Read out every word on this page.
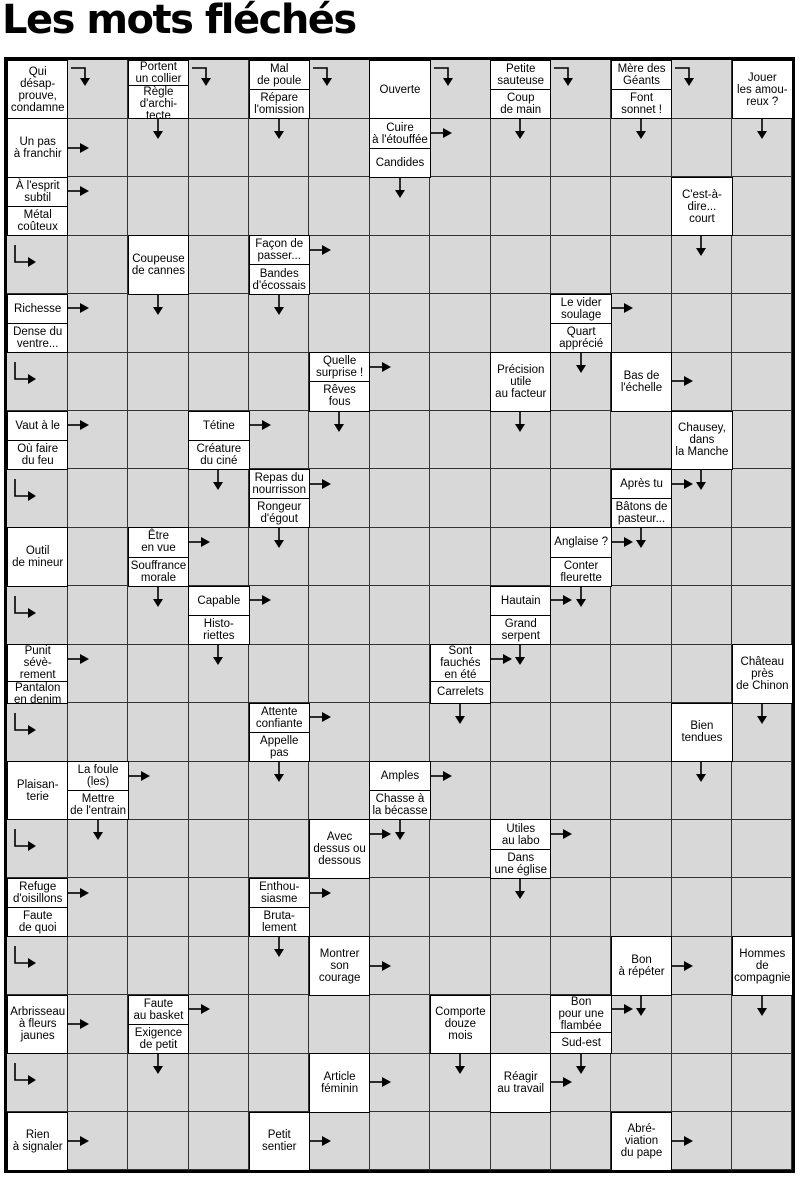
Les mots fléchés
Qui
désap-
prouve,
condamne
Portent
un collier
Règle
d'archi-
tecte
Mal
de poule
Répare
l'omission
Ouverte
Petite
sauteuse
Coup
de main
Mère des
Géants
Font
sonnet !
Jouer
les amou-
reux ?
Un pas
à franchir
Cuire
à l'étouffée
Candides
À l'esprit
subtil
Métal
coûteux
C'est-à-
dire...
court
Coupeuse
de cannes
Façon de
passer...
Bandes
d'écossais
Richesse
Dense du
ventre...
Le vider
soulage
Quart
apprécié
Quelle
surprise !
Rêves
fous
Précision
utile
au facteur
Bas de
l'échelle
Vaut à le
Où faire
du feu
Tétine
Créature
du ciné
Chausey,
dans
la Manche
Repas du
nourrisson
Rongeur
d'égout
Après tu
Bâtons de
pasteur...
Outil
de mineur
Être
en vue
Souffrance
morale
Anglaise ?
Conter
fleurette
Capable
Histo-
riettes
Hautain
Grand
serpent
Punit
sévè-
rement
Pantalon
en denim
Sont
fauchés
en été
Carrelets
Château
près
de Chinon
Attente
confiante
Appelle
pas
Bien
tendues
Plaisan-
terie
La foule
(les)
Mettre
de l'entrain
Amples
Chasse à
la bécasse
Avec
dessus ou
dessous
Utiles
au labo
Dans
une église
Refuge
d'oisillons
Faute
de quoi
Enthou-
siasme
Bruta-
lement
Montrer
son
courage
Bon
à répéter
Hommes
de
compagnie
Arbrisseau
à fleurs
jaunes
Faute
au basket
Exigence
de petit
Comporte
douze
mois
Bon
pour une
flambée
Sud-est
Article
féminin
Réagir
au travail
Rien
à signaler
Petit
sentier
Abré-
viation
du pape
